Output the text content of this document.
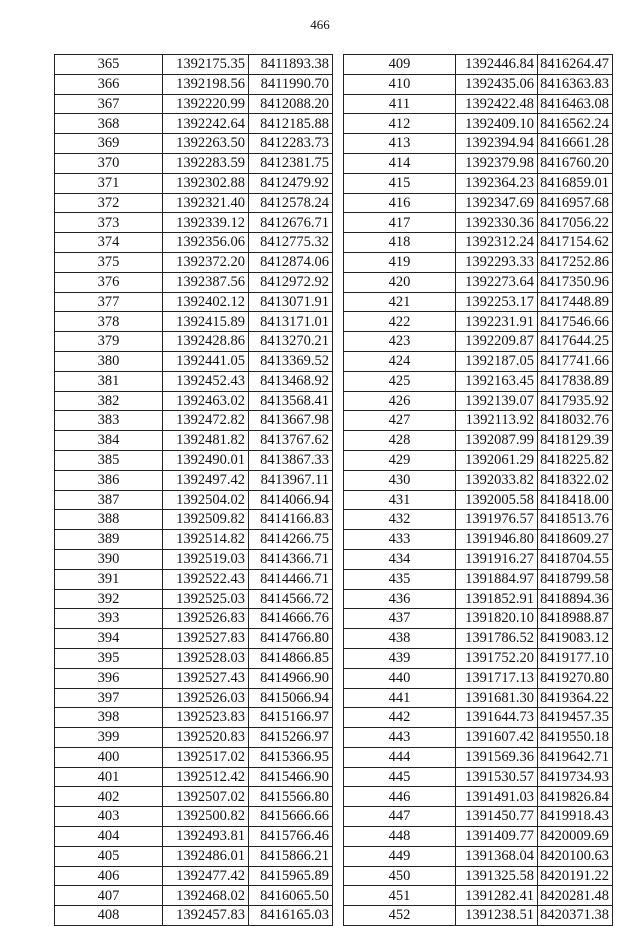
466
365	1392175.35	8411893.38
366	1392198.56	8411990.70
367	1392220.99	8412088.20
368	1392242.64	8412185.88
369	1392263.50	8412283.73
370	1392283.59	8412381.75
371	1392302.88	8412479.92
372	1392321.40	8412578.24
373	1392339.12	8412676.71
374	1392356.06	8412775.32
375	1392372.20	8412874.06
376	1392387.56	8412972.92
377	1392402.12	8413071.91
378	1392415.89	8413171.01
379	1392428.86	8413270.21
380	1392441.05	8413369.52
381	1392452.43	8413468.92
382	1392463.02	8413568.41
383	1392472.82	8413667.98
384	1392481.82	8413767.62
385	1392490.01	8413867.33
386	1392497.42	8413967.11
387	1392504.02	8414066.94
388	1392509.82	8414166.83
389	1392514.82	8414266.75
390	1392519.03	8414366.71
391	1392522.43	8414466.71
392	1392525.03	8414566.72
393	1392526.83	8414666.76
394	1392527.83	8414766.80
395	1392528.03	8414866.85
396	1392527.43	8414966.90
397	1392526.03	8415066.94
398	1392523.83	8415166.97
399	1392520.83	8415266.97
400	1392517.02	8415366.95
401	1392512.42	8415466.90
402	1392507.02	8415566.80
403	1392500.82	8415666.66
404	1392493.81	8415766.46
405	1392486.01	8415866.21
406	1392477.42	8415965.89
407	1392468.02	8416065.50
408	1392457.83	8416165.03
409	1392446.84	8416264.47
410	1392435.06	8416363.83
411	1392422.48	8416463.08
412	1392409.10	8416562.24
413	1392394.94	8416661.28
414	1392379.98	8416760.20
415	1392364.23	8416859.01
416	1392347.69	8416957.68
417	1392330.36	8417056.22
418	1392312.24	8417154.62
419	1392293.33	8417252.86
420	1392273.64	8417350.96
421	1392253.17	8417448.89
422	1392231.91	8417546.66
423	1392209.87	8417644.25
424	1392187.05	8417741.66
425	1392163.45	8417838.89
426	1392139.07	8417935.92
427	1392113.92	8418032.76
428	1392087.99	8418129.39
429	1392061.29	8418225.82
430	1392033.82	8418322.02
431	1392005.58	8418418.00
432	1391976.57	8418513.76
433	1391946.80	8418609.27
434	1391916.27	8418704.55
435	1391884.97	8418799.58
436	1391852.91	8418894.36
437	1391820.10	8418988.87
438	1391786.52	8419083.12
439	1391752.20	8419177.10
440	1391717.13	8419270.80
441	1391681.30	8419364.22
442	1391644.73	8419457.35
443	1391607.42	8419550.18
444	1391569.36	8419642.71
445	1391530.57	8419734.93
446	1391491.03	8419826.84
447	1391450.77	8419918.43
448	1391409.77	8420009.69
449	1391368.04	8420100.63
450	1391325.58	8420191.22
451	1391282.41	8420281.48
452	1391238.51	8420371.38
